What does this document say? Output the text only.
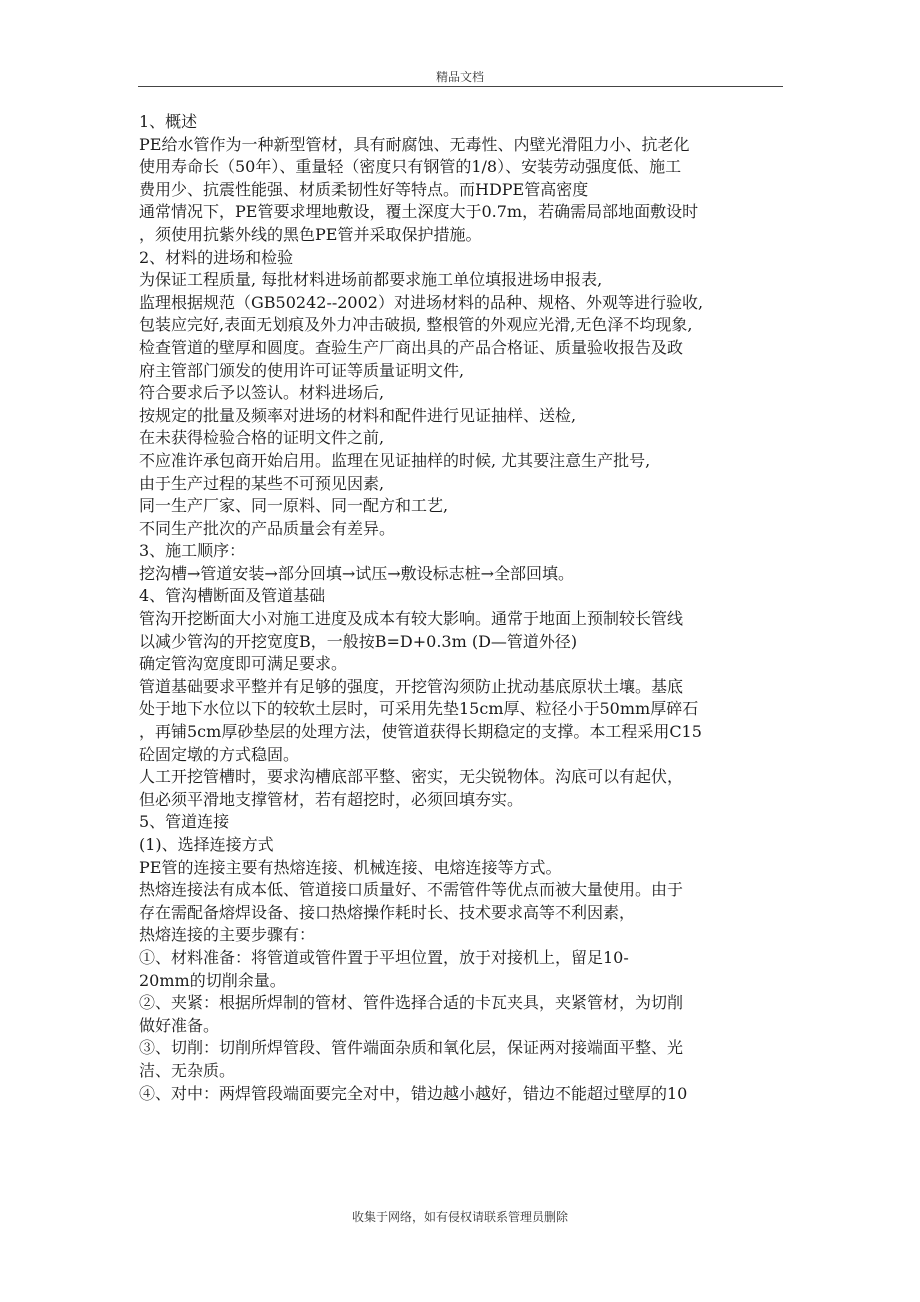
精品文档
1、概述
PE给水管作为一种新型管材，具有耐腐蚀、无毒性、内壁光滑阻力小、抗老化
使用寿命长（50年）、重量轻（密度只有钢管的1/8）、安装劳动强度低、施工
费用少、抗震性能强、材质柔韧性好等特点。而HDPE管高密度
通常情况下，PE管要求埋地敷设，覆土深度大于0.7m，若确需局部地面敷设时
，须使用抗紫外线的黑色PE管并采取保护措施。
2、材料的进场和检验
为保证工程质量, 每批材料进场前都要求施工单位填报进场申报表,
监理根据规范（GB50242--2002）对进场材料的品种、规格、外观等进行验收,
包装应完好,表面无划痕及外力冲击破损, 整根管的外观应光滑,无色泽不均现象,
检查管道的壁厚和圆度。查验生产厂商出具的产品合格证、质量验收报告及政
府主管部门颁发的使用许可证等质量证明文件,
符合要求后予以签认。材料进场后,
按规定的批量及频率对进场的材料和配件进行见证抽样、送检,
在未获得检验合格的证明文件之前,
不应准许承包商开始启用。监理在见证抽样的时候, 尤其要注意生产批号,
由于生产过程的某些不可预见因素,
同一生产厂家、同一原料、同一配方和工艺,
不同生产批次的产品质量会有差异。
3、施工顺序：
挖沟槽→管道安装→部分回填→试压→敷设标志桩→全部回填。
4、管沟槽断面及管道基础
管沟开挖断面大小对施工进度及成本有较大影响。通常于地面上预制较长管线
以减少管沟的开挖宽度B，一般按B=D+0.3m (D—管道外径)
确定管沟宽度即可满足要求。
管道基础要求平整并有足够的强度，开挖管沟须防止扰动基底原状土壤。基底
处于地下水位以下的较软土层时，可采用先垫15cm厚、粒径小于50mm厚碎石
，再铺5cm厚砂垫层的处理方法，使管道获得长期稳定的支撑。本工程采用C15
砼固定墩的方式稳固。
人工开挖管槽时，要求沟槽底部平整、密实，无尖锐物体。沟底可以有起伏，
但必须平滑地支撑管材，若有超挖时，必须回填夯实。
5、管道连接
(1)、选择连接方式
PE管的连接主要有热熔连接、机械连接、电熔连接等方式。
热熔连接法有成本低、管道接口质量好、不需管件等优点而被大量使用。由于
存在需配备熔焊设备、接口热熔操作耗时长、技术要求高等不利因素，
热熔连接的主要步骤有：
①、材料准备：将管道或管件置于平坦位置，放于对接机上，留足10-
20mm的切削余量。
②、夹紧：根据所焊制的管材、管件选择合适的卡瓦夹具，夹紧管材，为切削
做好准备。
③、切削：切削所焊管段、管件端面杂质和氧化层，保证两对接端面平整、光
洁、无杂质。
④、对中：两焊管段端面要完全对中，错边越小越好，错边不能超过壁厚的10
收集于网络，如有侵权请联系管理员删除
